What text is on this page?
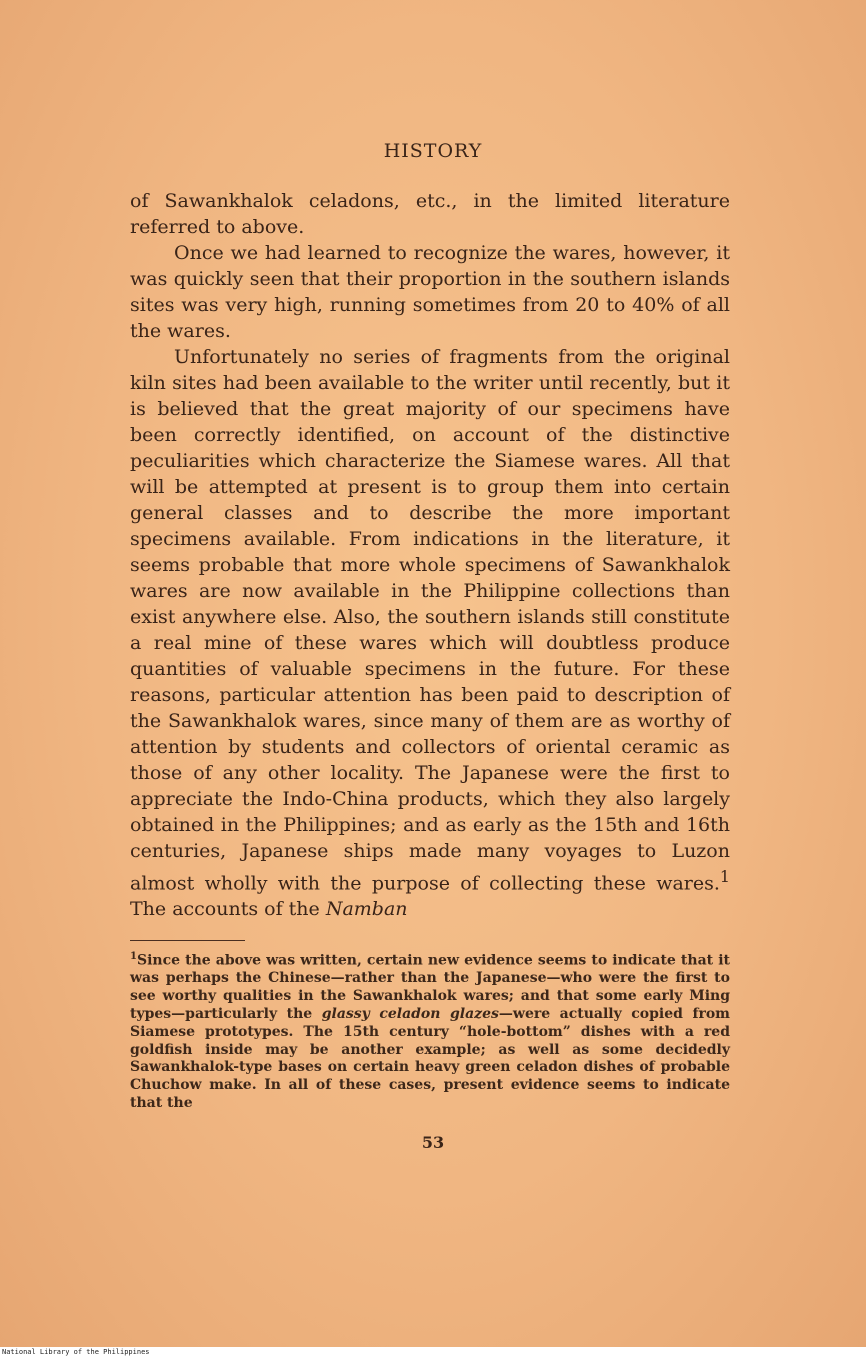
HISTORY

of Sawankhalok celadons, etc., in the limited literature referred to above.

Once we had learned to recognize the wares, however, it was quickly seen that their proportion in the southern islands sites was very high, running sometimes from 20 to 40% of all the wares.

Unfortunately no series of fragments from the original kiln sites had been available to the writer until recently, but it is believed that the great majority of our specimens have been correctly identified, on account of the distinctive peculiarities which characterize the Siamese wares. All that will be attempted at present is to group them into certain general classes and to describe the more important specimens available. From indications in the literature, it seems probable that more whole specimens of Sawankhalok wares are now available in the Philippine collections than exist anywhere else. Also, the southern islands still constitute a real mine of these wares which will doubtless produce quantities of valuable specimens in the future. For these reasons, particular attention has been paid to description of the Sawankhalok wares, since many of them are as worthy of attention by students and collectors of oriental ceramic as those of any other locality. The Japanese were the first to appreciate the Indo-China products, which they also largely obtained in the Philippines; and as early as the 15th and 16th centuries, Japanese ships made many voyages to Luzon almost wholly with the purpose of collecting these wares.$^1$ The accounts of the Namban

$^1$Since the above was written, certain new evidence seems to indicate that it was perhaps the Chinese—rather than the Japanese—who were the first to see worthy qualities in the Sawankhalok wares; and that some early Ming types—particularly the glassy celadon glazes—were actually copied from Siamese prototypes. The 15th century “hole-bottom” dishes with a red goldfish inside may be another example; as well as some decidedly Sawankhalok-type bases on certain heavy green celadon dishes of probable Chuchow make. In all of these cases, present evidence seems to indicate that the
53
National Library of the Philippines
